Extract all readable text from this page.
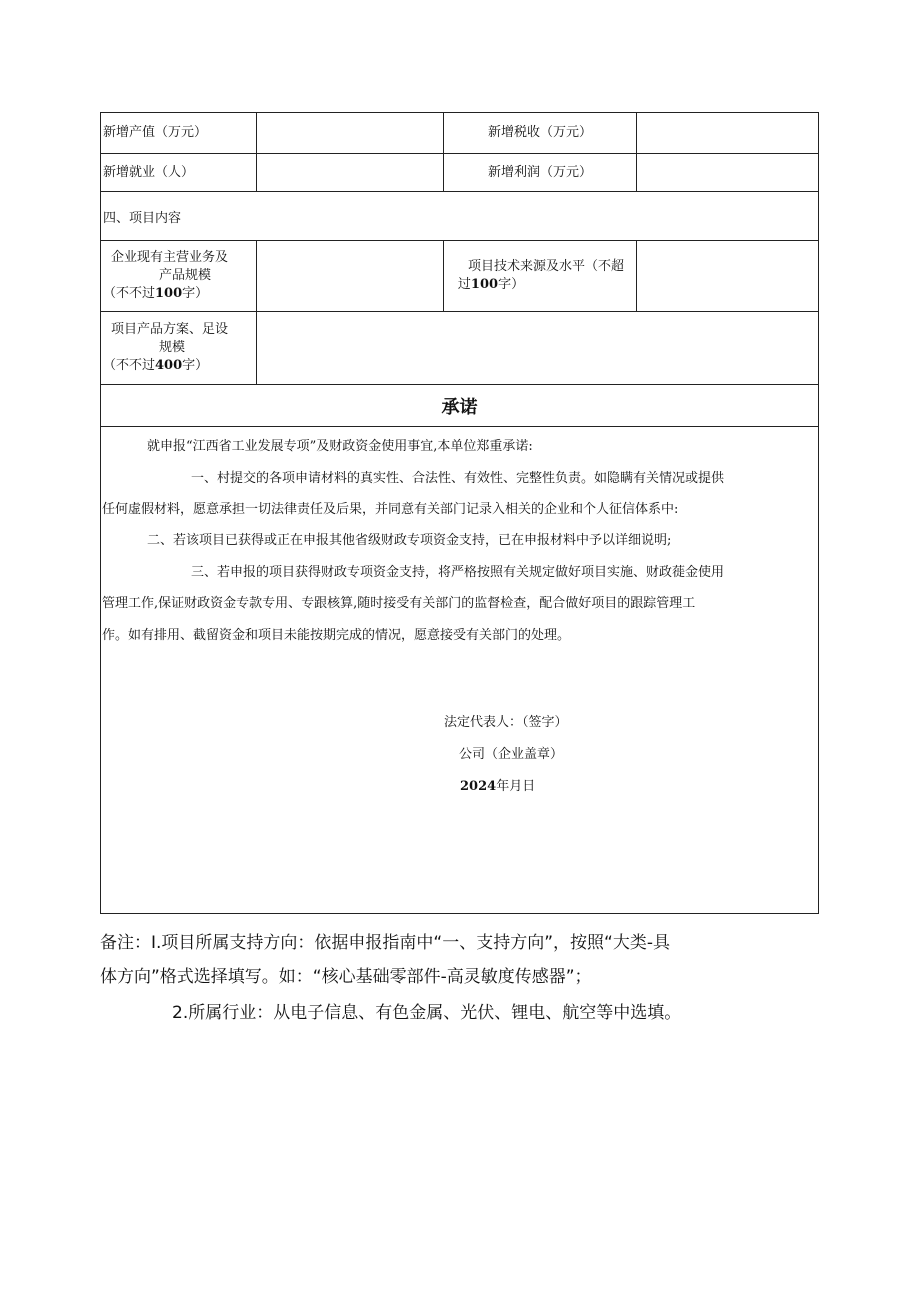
新增产值（万元）	新增税收（万元）
新增就业（人）	新增利润（万元）
四、项目内容
企业现有主营业务及
产品规模
（不不过100字）
项目技术来源及水平（不超
过100字）
项目产品方案、足设
规模
（不不过400字）
承诺
就申报“江西省工业发展专项”及财政资金使用事宜,本单位郑重承诺:
一、村提交的各项申请材料的真实性、合法性、有效性、完整性负责。如隐瞒有关情况或提供
任何虚假材料，愿意承担一切法律责任及后果，并同意有关部门记录入相关的企业和个人征信体系中:
二、若该项目已获得或正在申报其他省级财政专项资金支持，已在申报材料中予以详细说明;
三、若申报的项目获得财政专项资金支持，将严格按照有关规定做好项目实施、财政蓰金使用
管理工作,保证财政资金专款专用、专跟核算,随时接受有关部门的监督检查，配合做好项目的跟踪管理工
作。如有排用、截留资金和项目未能按期完成的情况，愿意接受有关部门的处理。
法定代表人：（签字）
公司（企业盖章）
2024年月日
备注：I.项目所属支持方向：依据申报指南中“一、支持方向”，按照“大类-具
体方向”格式选择填写。如：“核心基础零部件-高灵敏度传感器”；
2.所属行业：从电子信息、有色金属、光伏、锂电、航空等中选填。
